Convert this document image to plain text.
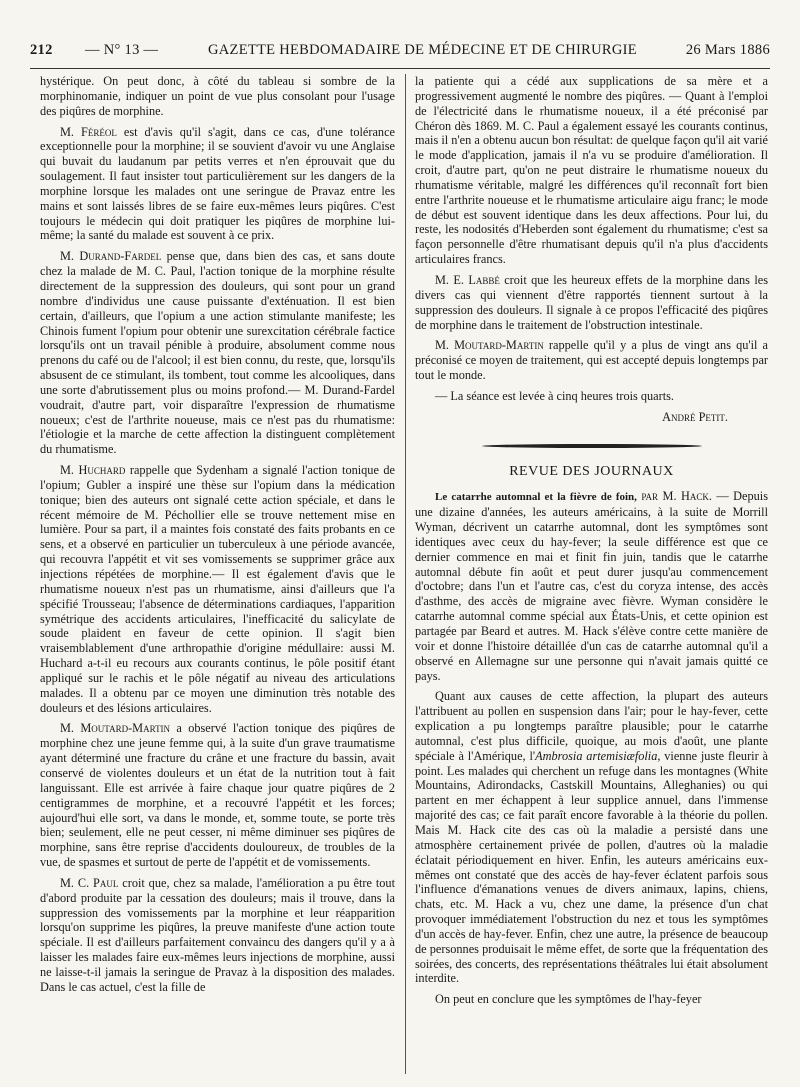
212 — N° 13 —	GAZETTE HEBDOMADAIRE DE MÉDECINE ET DE CHIRURGIE	26 Mars 1886

hystérique. On peut donc, à côté du tableau si sombre de la morphinomanie, indiquer un point de vue plus consolant pour l'usage des piqûres de morphine.

M. Féréol est d'avis qu'il s'agit, dans ce cas, d'une tolérance exceptionnelle pour la morphine; il se souvient d'avoir vu une Anglaise qui buvait du laudanum par petits verres et n'en éprouvait que du soulagement. Il faut insister tout particulièrement sur les dangers de la morphine lorsque les malades ont une seringue de Pravaz entre les mains et sont laissés libres de se faire eux-mêmes leurs piqûres. C'est toujours le médecin qui doit pratiquer les piqûres de morphine lui-même; la santé du malade est souvent à ce prix.

M. Durand-Fardel pense que, dans bien des cas, et sans doute chez la malade de M. C. Paul, l'action tonique de la morphine résulte directement de la suppression des douleurs, qui sont pour un grand nombre d'individus une cause puissante d'exténuation. Il est bien certain, d'ailleurs, que l'opium a une action stimulante manifeste; les Chinois fument l'opium pour obtenir une surexcitation cérébrale factice lorsqu'ils ont un travail pénible à produire, absolument comme nous prenons du café ou de l'alcool; il est bien connu, du reste, que, lorsqu'ils absusent de ce stimulant, ils tombent, tout comme les alcooliques, dans une sorte d'abrutissement plus ou moins profond.— M. Durand-Fardel voudrait, d'autre part, voir disparaître l'expression de rhumatisme noueux; c'est de l'arthrite noueuse, mais ce n'est pas du rhumatisme: l'étiologie et la marche de cette affection la distinguent complètement du rhumatisme.

M. Huchard rappelle que Sydenham a signalé l'action tonique de l'opium; Gubler a inspiré une thèse sur l'opium dans la médication tonique; bien des auteurs ont signalé cette action spéciale, et dans le récent mémoire de M. Péchollier elle se trouve nettement mise en lumière. Pour sa part, il a maintes fois constaté des faits probants en ce sens, et a observé en particulier un tuberculeux à une période avancée, qui recouvra l'appétit et vit ses vomissements se supprimer grâce aux injections répétées de morphine.— Il est également d'avis que le rhumatisme noueux n'est pas un rhumatisme, ainsi d'ailleurs que l'a spécifié Trousseau; l'absence de déterminations cardiaques, l'apparition symétrique des accidents articulaires, l'inefficacité du salicylate de soude plaident en faveur de cette opinion. Il s'agit bien vraisemblablement d'une arthropathie d'origine médullaire: aussi M. Huchard a-t-il eu recours aux courants continus, le pôle positif étant appliqué sur le rachis et le pôle négatif au niveau des articulations malades. Il a obtenu par ce moyen une diminution très notable des douleurs et des lésions articulaires.

M. Moutard-Martin a observé l'action tonique des piqûres de morphine chez une jeune femme qui, à la suite d'un grave traumatisme ayant déterminé une fracture du crâne et une fracture du bassin, avait conservé de violentes douleurs et un état de la nutrition tout à fait languissant. Elle est arrivée à faire chaque jour quatre piqûres de 2 centigrammes de morphine, et a recouvré l'appétit et les forces; aujourd'hui elle sort, va dans le monde, et, somme toute, se porte très bien; seulement, elle ne peut cesser, ni même diminuer ses piqûres de morphine, sans être reprise d'accidents douloureux, de troubles de la vue, de spasmes et surtout de perte de l'appétit et de vomissements.

M. C. Paul croit que, chez sa malade, l'amélioration a pu être tout d'abord produite par la cessation des douleurs; mais il trouve, dans la suppression des vomissements par la morphine et leur réapparition lorsqu'on supprime les piqûres, la preuve manifeste d'une action toute spéciale. Il est d'ailleurs parfaitement convaincu des dangers qu'il y a à laisser les malades faire eux-mêmes leurs injections de morphine, aussi ne laisse-t-il jamais la seringue de Pravaz à la disposition des malades. Dans le cas actuel, c'est la fille de

la patiente qui a cédé aux supplications de sa mère et a progressivement augmenté le nombre des piqûres. — Quant à l'emploi de l'électricité dans le rhumatisme noueux, il a été préconisé par Chéron dès 1869. M. C. Paul a également essayé les courants continus, mais il n'en a obtenu aucun bon résultat: de quelque façon qu'il ait varié le mode d'application, jamais il n'a vu se produire d'amélioration. Il croit, d'autre part, qu'on ne peut distraire le rhumatisme noueux du rhumatisme véritable, malgré les différences qu'il reconnaît fort bien entre l'arthrite noueuse et le rhumatisme articulaire aigu franc; le mode de début est souvent identique dans les deux affections. Pour lui, du reste, les nodosités d'Heberden sont également du rhumatisme; c'est sa façon personnelle d'être rhumatisant depuis qu'il n'a plus d'accidents articulaires francs.

M. E. Labbé croit que les heureux effets de la morphine dans les divers cas qui viennent d'être rapportés tiennent surtout à la suppression des douleurs. Il signale à ce propos l'efficacité des piqûres de morphine dans le traitement de l'obstruction intestinale.

M. Moutard-Martin rappelle qu'il y a plus de vingt ans qu'il a préconisé ce moyen de traitement, qui est accepté depuis longtemps par tout le monde.

— La séance est levée à cinq heures trois quarts.

André Petit.
REVUE DES JOURNAUX

Le catarrhe automnal et la fièvre de foin, par M. Hack. — Depuis une dizaine d'années, les auteurs américains, à la suite de Morrill Wyman, décrivent un catarrhe automnal, dont les symptômes sont identiques avec ceux du hay-fever; la seule différence est que ce dernier commence en mai et finit fin juin, tandis que le catarrhe automnal débute fin août et peut durer jusqu'au commencement d'octobre; dans l'un et l'autre cas, c'est du coryza intense, des accès d'asthme, des accès de migraine avec fièvre. Wyman considère le catarrhe automnal comme spécial aux États-Unis, et cette opinion est partagée par Beard et autres. M. Hack s'élève contre cette manière de voir et donne l'histoire détaillée d'un cas de catarrhe automnal qu'il a observé en Allemagne sur une personne qui n'avait jamais quitté ce pays.

Quant aux causes de cette affection, la plupart des auteurs l'attribuent au pollen en suspension dans l'air; pour le hay-fever, cette explication a pu longtemps paraître plausible; pour le catarrhe automnal, c'est plus difficile, quoique, au mois d'août, une plante spéciale à l'Amérique, l'Ambrosia artemisiæfolia, vienne juste fleurir à point. Les malades qui cherchent un refuge dans les montagnes (White Mountains, Adirondacks, Castskill Mountains, Alleghanies) ou qui partent en mer échappent à leur supplice annuel, dans l'immense majorité des cas; ce fait paraît encore favorable à la théorie du pollen. Mais M. Hack cite des cas où la maladie a persisté dans une atmosphère certainement privée de pollen, d'autres où la maladie éclatait périodiquement en hiver. Enfin, les auteurs américains eux-mêmes ont constaté que des accès de hay-fever éclatent parfois sous l'influence d'émanations venues de divers animaux, lapins, chiens, chats, etc. M. Hack a vu, chez une dame, la présence d'un chat provoquer immédiatement l'obstruction du nez et tous les symptômes d'un accès de hay-fever. Enfin, chez une autre, la présence de beaucoup de personnes produisait le même effet, de sorte que la fréquentation des soirées, des concerts, des représentations théâtrales lui était absolument interdite.

On peut en conclure que les symptômes de l'hay-feyer
